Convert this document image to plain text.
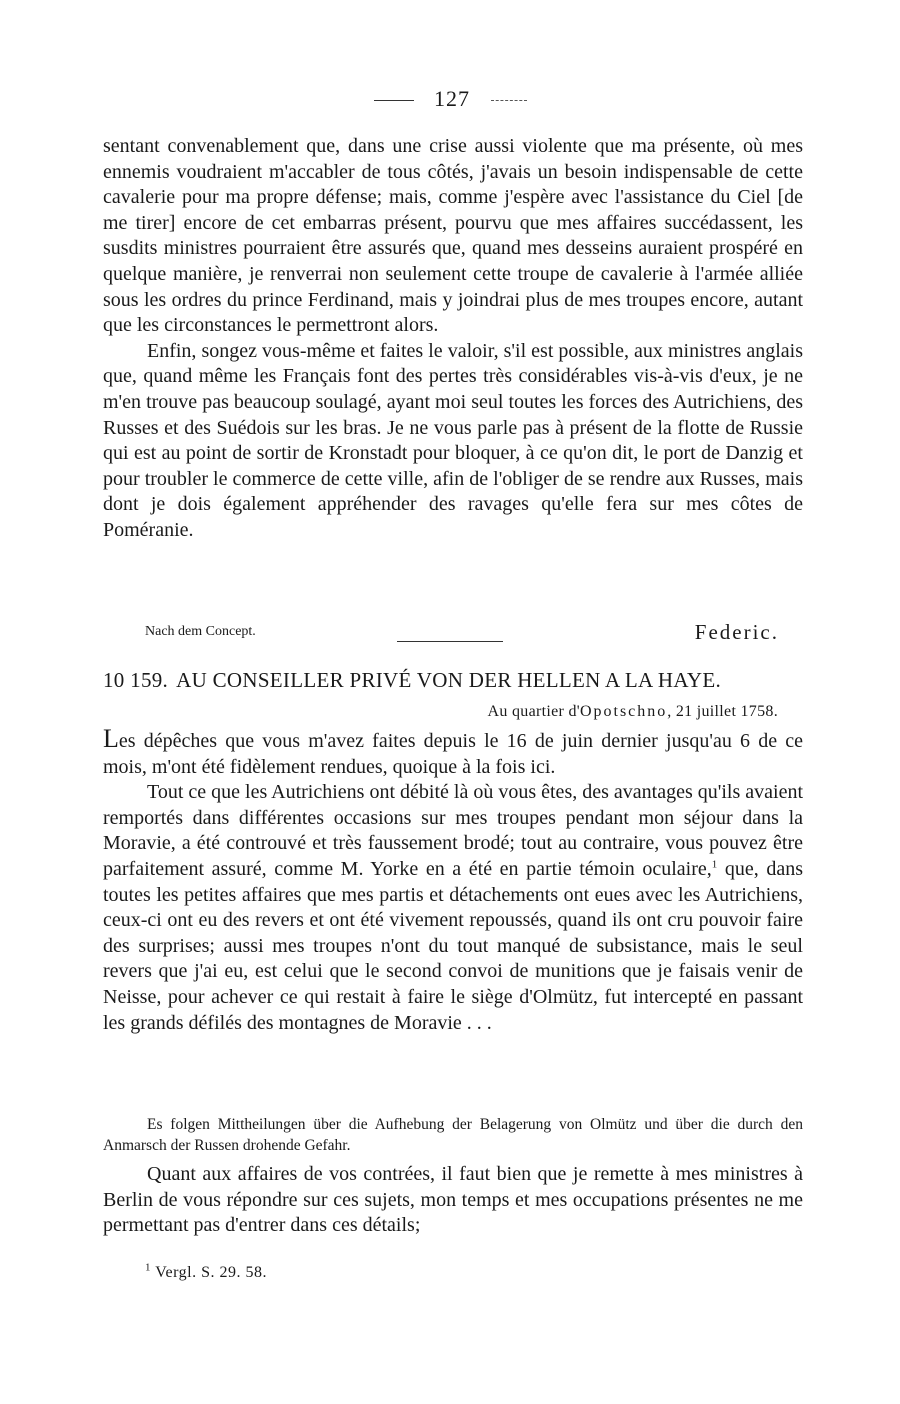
127

sentant convenablement que, dans une crise aussi violente que ma présente, où mes ennemis voudraient m'accabler de tous côtés, j'avais un besoin indispensable de cette cavalerie pour ma propre défense; mais, comme j'espère avec l'assistance du Ciel [de me tirer] encore de cet embarras présent, pourvu que mes affaires succédassent, les susdits ministres pourraient être assurés que, quand mes desseins auraient prospéré en quelque manière, je renverrai non seulement cette troupe de cavalerie à l'armée alliée sous les ordres du prince Ferdinand, mais y joindrai plus de mes troupes encore, autant que les circonstances le permettront alors.

Enfin, songez vous-même et faites le valoir, s'il est possible, aux ministres anglais que, quand même les Français font des pertes très considérables vis-à-vis d'eux, je ne m'en trouve pas beaucoup soulagé, ayant moi seul toutes les forces des Autrichiens, des Russes et des Suédois sur les bras. Je ne vous parle pas à présent de la flotte de Russie qui est au point de sortir de Kronstadt pour bloquer, à ce qu'on dit, le port de Danzig et pour troubler le commerce de cette ville, afin de l'obliger de se rendre aux Russes, mais dont je dois également appréhender des ravages qu'elle fera sur mes côtes de Poméranie.

Nach dem Concept.	Federic.
10 159. AU CONSEILLER PRIVÉ VON DER HELLEN A LA HAYE.
Au quartier d'Opotschno, 21 juillet 1758.

Les dépêches que vous m'avez faites depuis le 16 de juin dernier jusqu'au 6 de ce mois, m'ont été fidèlement rendues, quoique à la fois ici.

Tout ce que les Autrichiens ont débité là où vous êtes, des avantages qu'ils avaient remportés dans différentes occasions sur mes troupes pendant mon séjour dans la Moravie, a été controuvé et très faussement brodé; tout au contraire, vous pouvez être parfaitement assuré, comme M. Yorke en a été en partie témoin oculaire,$^1$ que, dans toutes les petites affaires que mes partis et détachements ont eues avec les Autrichiens, ceux-ci ont eu des revers et ont été vivement repoussés, quand ils ont cru pouvoir faire des surprises; aussi mes troupes n'ont du tout manqué de subsistance, mais le seul revers que j'ai eu, est celui que le second convoi de munitions que je faisais venir de Neisse, pour achever ce qui restait à faire le siège d'Olmütz, fut intercepté en passant les grands défilés des montagnes de Moravie . . .

Es folgen Mittheilungen über die Aufhebung der Belagerung von Olmütz und über die durch den Anmarsch der Russen drohende Gefahr.

Quant aux affaires de vos contrées, il faut bien que je remette à mes ministres à Berlin de vous répondre sur ces sujets, mon temps et mes occupations présentes ne me permettant pas d'entrer dans ces détails;

$^1$ Vergl. S. 29. 58.
